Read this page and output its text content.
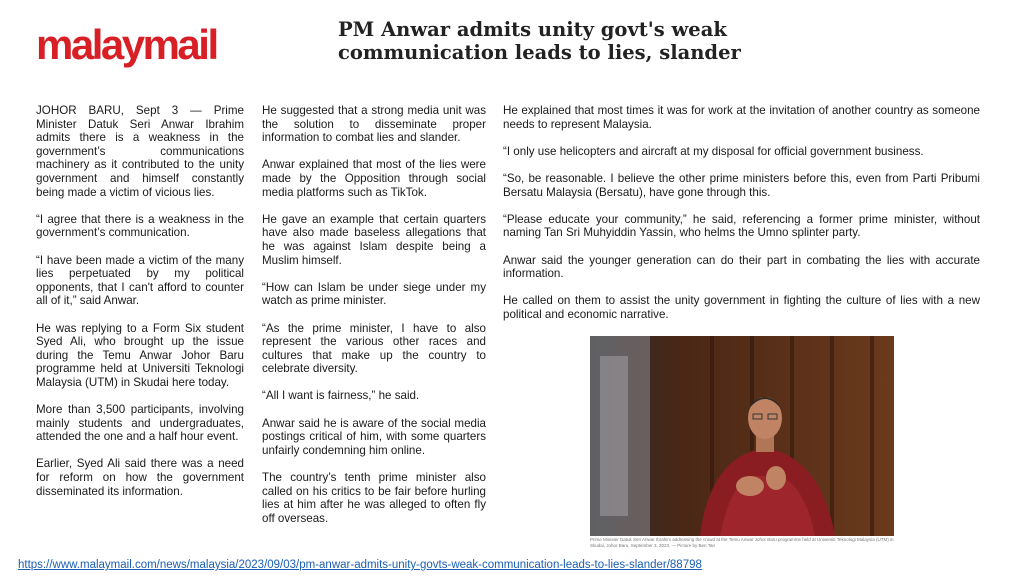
malaymail	PM Anwar admits unity govt's weak communication leads to lies, slander

JOHOR BARU, Sept 3 — Prime Minister Datuk Seri Anwar Ibrahim admits there is a weakness in the government’s communications machinery as it contributed to the unity government and himself constantly being made a victim of vicious lies.

“I agree that there is a weakness in the government’s communication.

“I have been made a victim of the many lies perpetuated by my political opponents, that I can't afford to counter all of it,” said Anwar.

He was replying to a Form Six student Syed Ali, who brought up the issue during the Temu Anwar Johor Baru programme held at Universiti Teknologi Malaysia (UTM) in Skudai here today.

More than 3,500 participants, involving mainly students and undergraduates, attended the one and a half hour event.

Earlier, Syed Ali said there was a need for reform on how the government disseminated its information.

He suggested that a strong media unit was the solution to disseminate proper information to combat lies and slander.

Anwar explained that most of the lies were made by the Opposition through social media platforms such as TikTok.

He gave an example that certain quarters have also made baseless allegations that he was against Islam despite being a Muslim himself.

“How can Islam be under siege under my watch as prime minister.

“As the prime minister, I have to also represent the various other races and cultures that make up the country to celebrate diversity.

“All I want is fairness,” he said.

Anwar said he is aware of the social media postings critical of him, with some quarters unfairly condemning him online.

The country’s tenth prime minister also called on his critics to be fair before hurling lies at him after he was alleged to often fly off overseas.

He explained that most times it was for work at the invitation of another country as someone needs to represent Malaysia.

“I only use helicopters and aircraft at my disposal for official government business.

“So, be reasonable. I believe the other prime ministers before this, even from Parti Pribumi Bersatu Malaysia (Bersatu), have gone through this.

“Please educate your community,” he said, referencing a former prime minister, without naming Tan Sri Muhyiddin Yassin, who helms the Umno splinter party.

Anwar said the younger generation can do their part in combating the lies with accurate information.

He called on them to assist the unity government in fighting the culture of lies with a new political and economic narrative.

Prime Minister Datuk Seri Anwar Ibrahim addressing the crowd at the Temu Anwar Johor Baru programme held at Universiti Teknologi Malaysia (UTM) in Skudai, Johor Baru, September 3, 2023. — Picture by Ben Tan
https://www.malaymail.com/news/malaysia/2023/09/03/pm-anwar-admits-unity-govts-weak-communication-leads-to-lies-slander/88798
